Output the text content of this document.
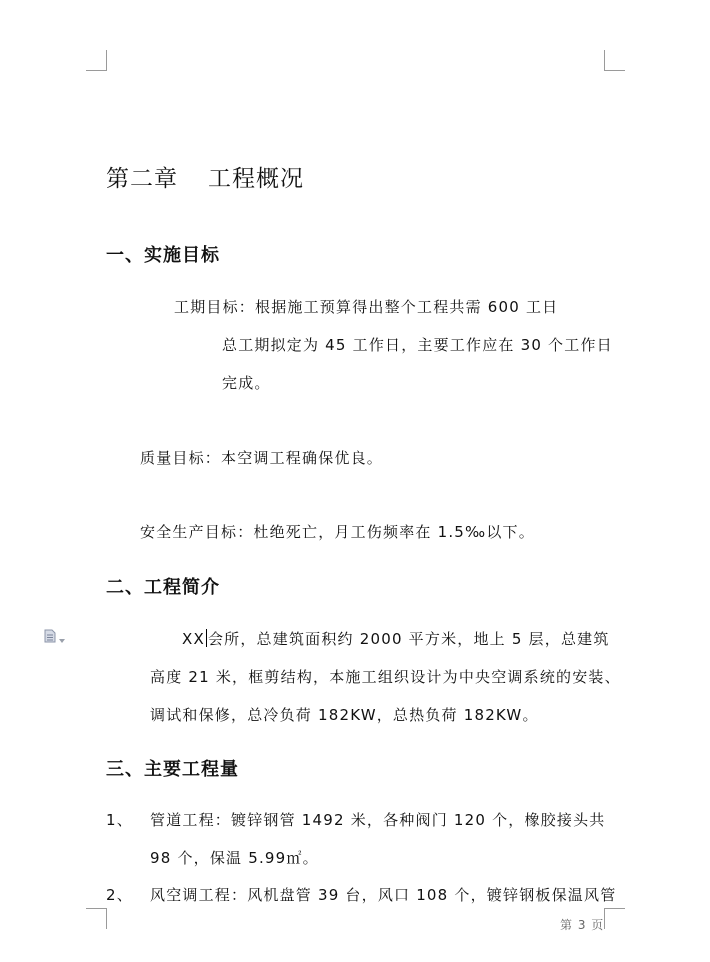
第二章 工程概况
一、实施目标
工期目标：根据施工预算得出整个工程共需 600 工日
总工期拟定为 45 工作日，主要工作应在 30 个工作日
完成。
质量目标：本空调工程确保优良。
安全生产目标：杜绝死亡，月工伤频率在 1.5‰以下。
二、工程简介
XX 会所，总建筑面积约 2000 平方米，地上 5 层，总建筑
高度 21 米，框剪结构，本施工组织设计为中央空调系统的安装、
调试和保修，总冷负荷 182KW，总热负荷 182KW。
三、主要工程量
1、 管道工程：镀锌钢管 1492 米，各种阀门 120 个，橡胶接头共
98 个，保温 5.99㎡。
2、 风空调工程：风机盘管 39 台，风口 108 个，镀锌钢板保温风管
第 3 页
